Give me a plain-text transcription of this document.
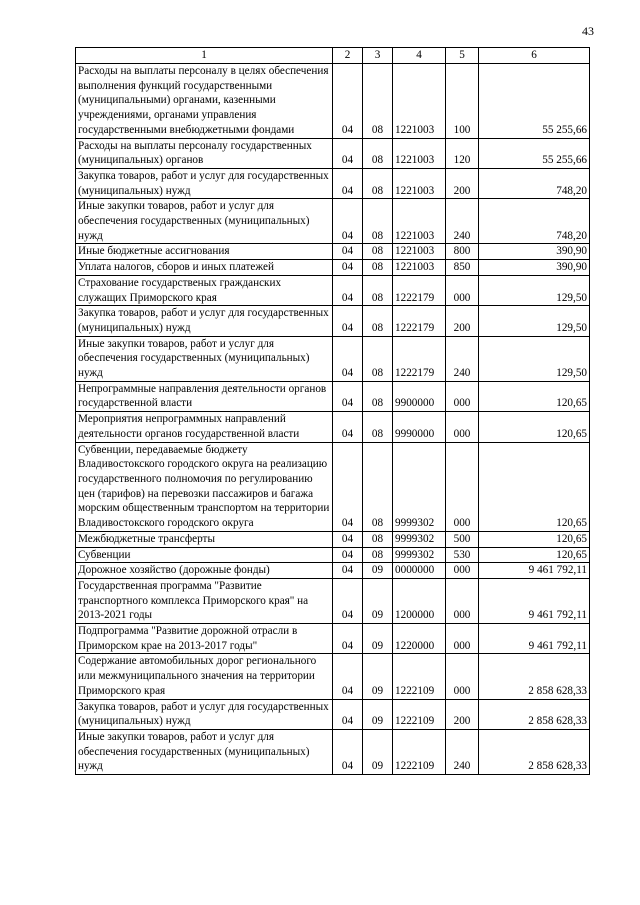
43
1	2	3	4	5	6
Расходы на выплаты персоналу в целях обеспечения выполнения функций государственными (муниципальными) органами, казенными учреждениями, органами управления государственными внебюджетными фондами	04	08	1221003	100	55 255,66
Расходы на выплаты персоналу государственных (муниципальных) органов	04	08	1221003	120	55 255,66
Закупка товаров, работ и услуг для государственных (муниципальных) нужд	04	08	1221003	200	748,20
Иные закупки товаров, работ и услуг для обеспечения государственных (муниципальных) нужд	04	08	1221003	240	748,20
Иные бюджетные ассигнования	04	08	1221003	800	390,90
Уплата налогов, сборов и иных платежей	04	08	1221003	850	390,90
Страхование государственых гражданских служащих Приморского края	04	08	1222179	000	129,50
Закупка товаров, работ и услуг для государственных (муниципальных) нужд	04	08	1222179	200	129,50
Иные закупки товаров, работ и услуг для обеспечения государственных (муниципальных) нужд	04	08	1222179	240	129,50
Непрограммные направления деятельности органов государственной власти	04	08	9900000	000	120,65
Мероприятия непрограммных направлений деятельности органов государственной власти	04	08	9990000	000	120,65
Субвенции, передаваемые бюджету Владивостокского городского округа на реализацию государственного полномочия по регулированию цен (тарифов) на перевозки пассажиров и багажа морским общественным транспортом на территории Владивостокского городского округа	04	08	9999302	000	120,65
Межбюджетные трансферты	04	08	9999302	500	120,65
Субвенции	04	08	9999302	530	120,65
Дорожное хозяйство (дорожные фонды)	04	09	0000000	000	9 461 792,11
Государственная программа "Развитие транспортного комплекса Приморского края" на 2013-2021 годы	04	09	1200000	000	9 461 792,11
Подпрограмма "Развитие дорожной отрасли в Приморском крае на 2013-2017 годы"	04	09	1220000	000	9 461 792,11
Содержание автомобильных дорог регионального или межмуниципального значения на территории Приморского края	04	09	1222109	000	2 858 628,33
Закупка товаров, работ и услуг для государственных (муниципальных) нужд	04	09	1222109	200	2 858 628,33
Иные закупки товаров, работ и услуг для обеспечения государственных (муниципальных) нужд	04	09	1222109	240	2 858 628,33
